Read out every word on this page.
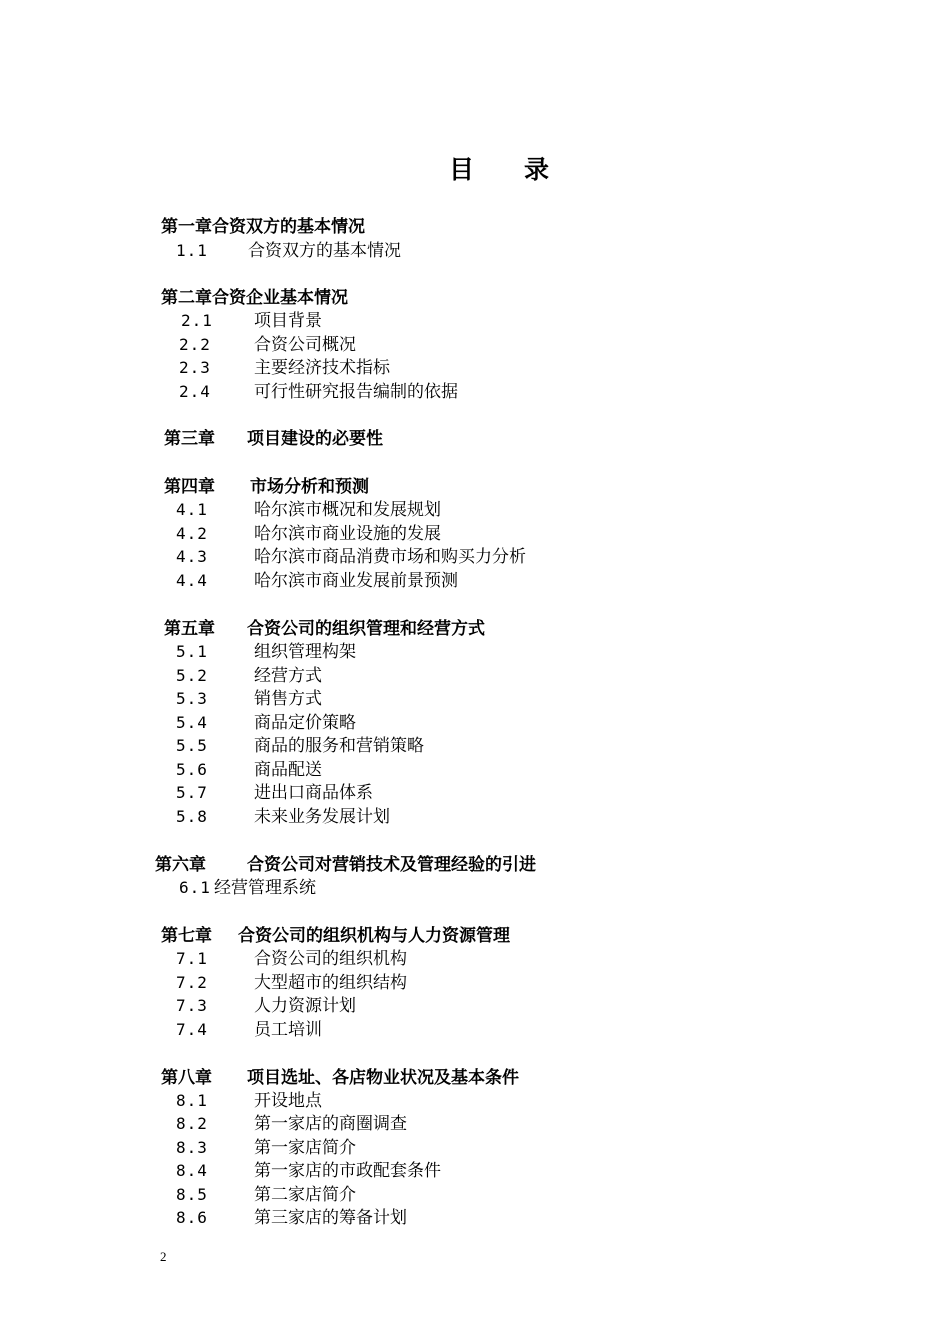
目　　录
第一章合资双方的基本情况
1.1 合资双方的基本情况
第二章合资企业基本情况
2.1 项目背景
2.2	合资公司概况
2.3	主要经济技术指标
2.4	可行性研究报告编制的依据
第三章 项目建设的必要性
第四章 市场分析和预测
4.1	哈尔滨市概况和发展规划
4.2	哈尔滨市商业设施的发展
4.3	哈尔滨市商品消费市场和购买力分析
4.4	哈尔滨市商业发展前景预测
第五章 合资公司的组织管理和经营方式
5.1	组织管理构架
5.2	经营方式
5.3	销售方式
5.4	商品定价策略
5.5	商品的服务和营销策略
5.6	商品配送
5.7	进出口商品体系
5.8	未来业务发展计划
第六章 合资公司对营销技术及管理经验的引进
6.1 经营管理系统
第七章 合资公司的组织机构与人力资源管理
7.1	合资公司的组织机构
7.2	大型超市的组织结构
7.3	人力资源计划
7.4	员工培训
第八章 项目选址、各店物业状况及基本条件
8.1	开设地点
8.2	第一家店的商圈调查
8.3	第一家店简介
8.4	第一家店的市政配套条件
8.5	第二家店简介
8.6	第三家店的筹备计划
2
